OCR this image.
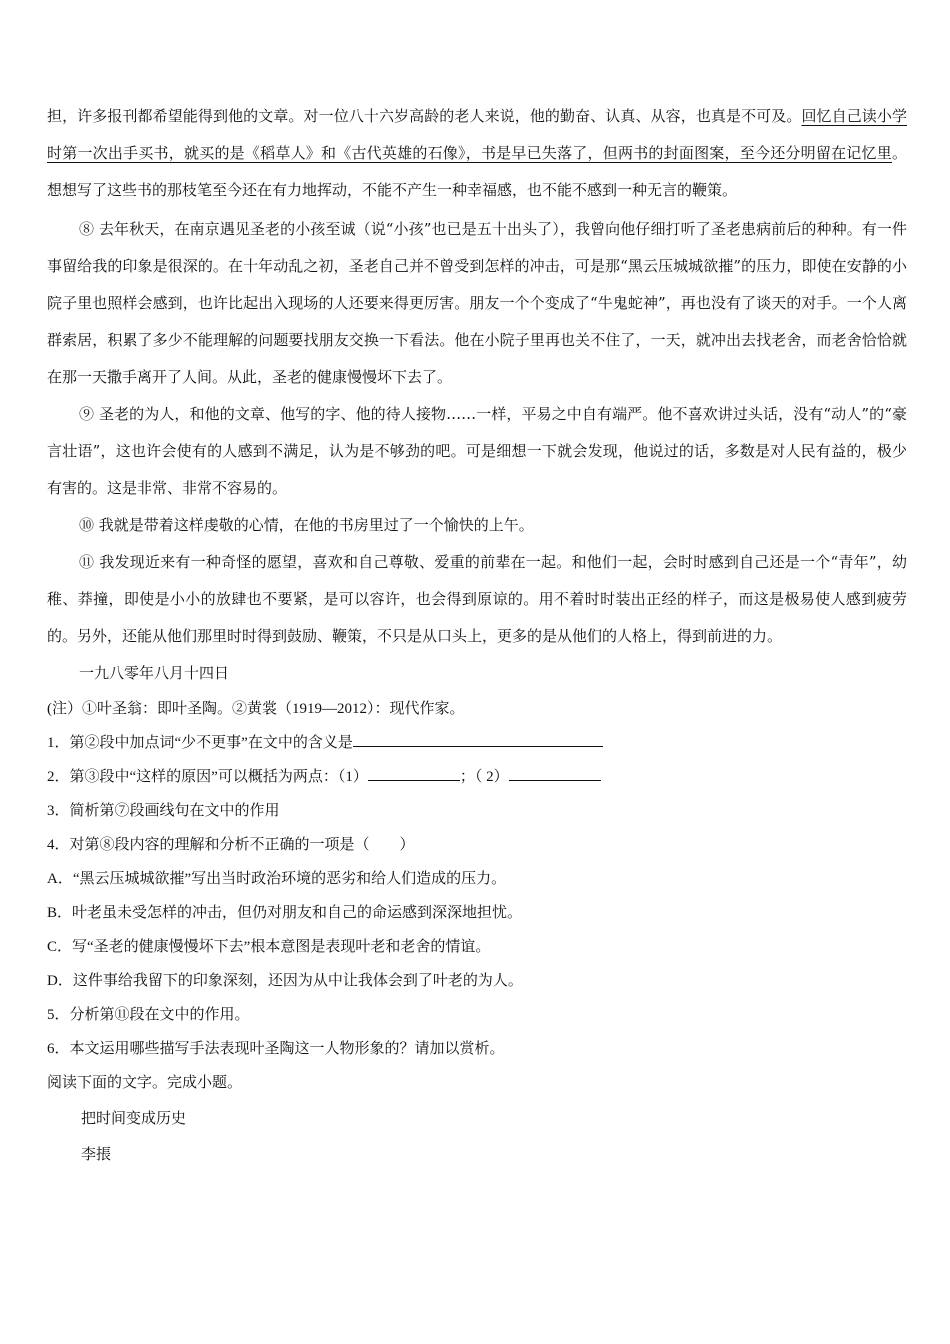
担，许多报刊都希望能得到他的文章。对一位八十六岁高龄的老人来说，他的勤奋、认真、从容，也真是不可及。回忆自己读小学时第一次出手买书，就买的是《稻草人》和《古代英雄的石像》，书是早已失落了，但两书的封面图案，至今还分明留在记忆里。想想写了这些书的那枝笔至今还在有力地挥动，不能不产生一种幸福感，也不能不感到一种无言的鞭策。

⑧ 去年秋天，在南京遇见圣老的小孩至诚（说“小孩”也已是五十出头了），我曾向他仔细打听了圣老患病前后的种种。有一件事留给我的印象是很深的。在十年动乱之初，圣老自己并不曾受到怎样的冲击，可是那“黑云压城城欲摧”的压力，即使在安静的小院子里也照样会感到，也许比起出入现场的人还要来得更厉害。朋友一个个变成了“牛鬼蛇神”，再也没有了谈天的对手。一个人离群索居，积累了多少不能理解的问题要找朋友交换一下看法。他在小院子里再也关不住了，一天，就冲出去找老舍，而老舍恰恰就在那一天撒手离开了人间。从此，圣老的健康慢慢坏下去了。

⑨ 圣老的为人，和他的文章、他写的字、他的待人接物……一样，平易之中自有端严。他不喜欢讲过头话，没有“动人”的“豪言壮语”，这也许会使有的人感到不满足，认为是不够劲的吧。可是细想一下就会发现，他说过的话，多数是对人民有益的，极少有害的。这是非常、非常不容易的。

⑩ 我就是带着这样虔敬的心情，在他的书房里过了一个愉快的上午。

⑪ 我发现近来有一种奇怪的愿望，喜欢和自己尊敬、爱重的前辈在一起。和他们一起，会时时感到自己还是一个“青年”，幼稚、莽撞，即使是小小的放肆也不要紧，是可以容许，也会得到原谅的。用不着时时装出正经的样子，而这是极易使人感到疲劳的。另外，还能从他们那里时时得到鼓励、鞭策，不只是从口头上，更多的是从他们的人格上，得到前进的力。

一九八零年八月十四日

(注）①叶圣翁：即叶圣陶。②黄裳（1919—2012）：现代作家。

1．第②段中加点词“少不更事”在文中的含义是

2．第③段中“这样的原因”可以概括为两点：（1）	；（ 2）

3．简析第⑦段画线句在文中的作用

4．对第⑧段内容的理解和分析不正确的一项是（　　）

A．“黑云压城城欲摧”写出当时政治环境的恶劣和给人们造成的压力。

B．叶老虽未受怎样的冲击，但仍对朋友和自己的命运感到深深地担忧。

C．写“圣老的健康慢慢坏下去”根本意图是表现叶老和老舍的情谊。

D．这件事给我留下的印象深刻，还因为从中让我体会到了叶老的为人。

5．分析第⑪段在文中的作用。

6．本文运用哪些描写手法表现叶圣陶这一人物形象的？请加以赏析。

阅读下面的文字。完成小题。

把时间变成历史

李掁
